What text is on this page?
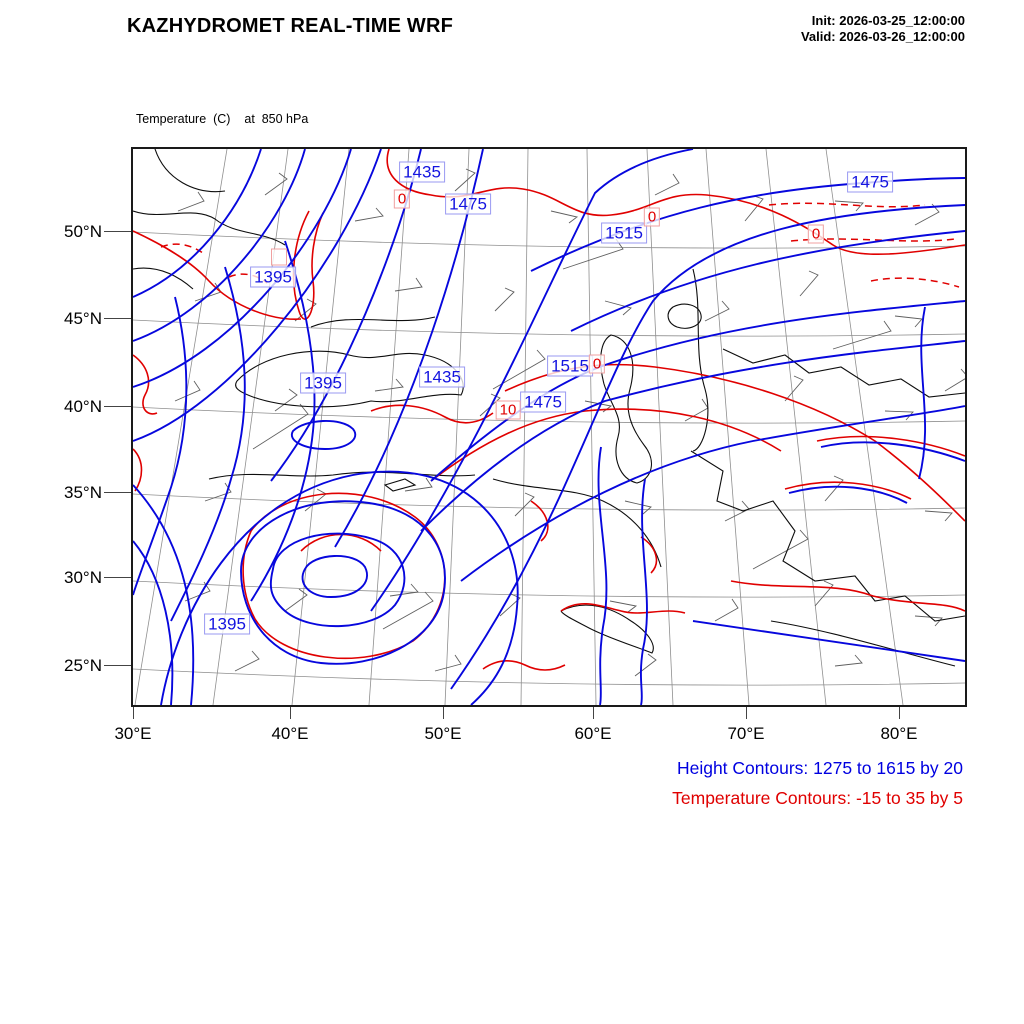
KAZHYDROMET REAL-TIME WRF	Init: 2026-03-25_12:00:00
Valid: 2026-03-26_12:00:00

Temperature  (C)    at  850 hPa

50°N
45°N
40°N
35°N
30°N
25°N
30°E	40°E	50°E	60°E	70°E	80°E
1435
1475
1515
1475
1395
1395	1435
1515
1475
1395
0
0
0
0
10
Height Contours: 1275 to 1615 by 20
Temperature Contours: -15 to 35 by 5
